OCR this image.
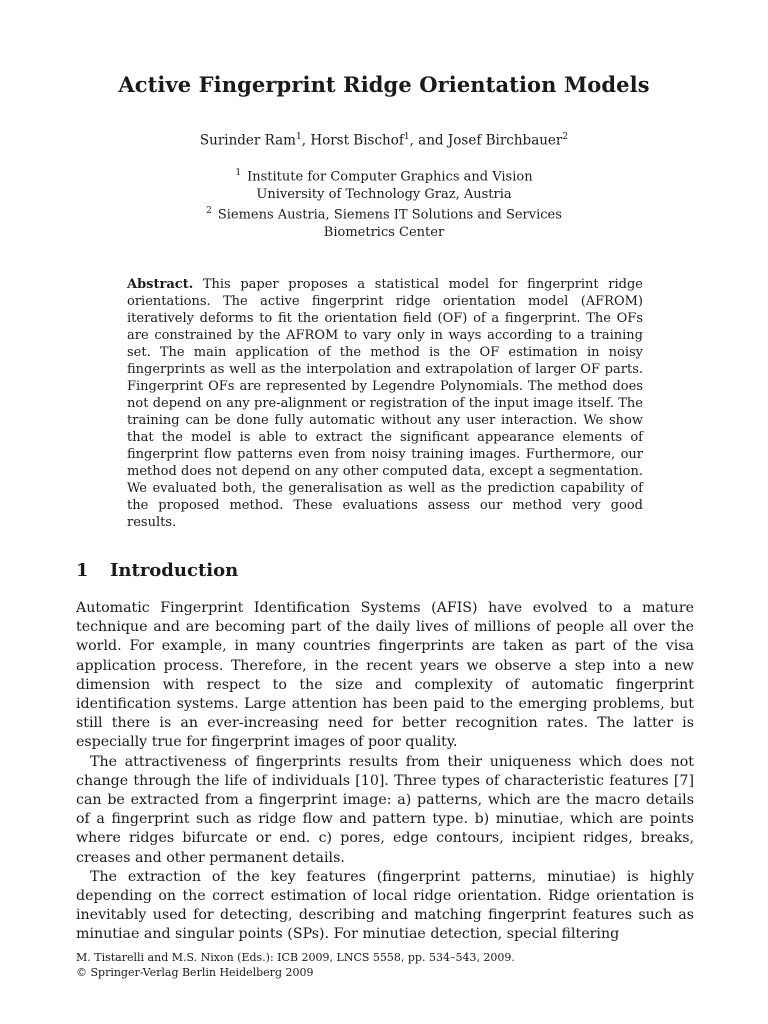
Active Fingerprint Ridge Orientation Models

Surinder Ram$^1$, Horst Bischof$^1$, and Josef Birchbauer$^2$

$^1$ Institute for Computer Graphics and Vision
University of Technology Graz, Austria
$^2$ Siemens Austria, Siemens IT Solutions and Services
Biometrics Center

Abstract. This paper proposes a statistical model for fingerprint ridge orientations. The active fingerprint ridge orientation model (AFROM) iteratively deforms to fit the orientation field (OF) of a fingerprint. The OFs are constrained by the AFROM to vary only in ways according to a training set. The main application of the method is the OF estimation in noisy fingerprints as well as the interpolation and extrapolation of larger OF parts. Fingerprint OFs are represented by Legendre Polynomials. The method does not depend on any pre-alignment or registration of the input image itself. The training can be done fully automatic without any user interaction. We show that the model is able to extract the significant appearance elements of fingerprint flow patterns even from noisy training images. Furthermore, our method does not depend on any other computed data, except a segmentation. We evaluated both, the generalisation as well as the prediction capability of the proposed method. These evaluations assess our method very good results.

1 Introduction

Automatic Fingerprint Identification Systems (AFIS) have evolved to a mature technique and are becoming part of the daily lives of millions of people all over the world. For example, in many countries fingerprints are taken as part of the visa application process. Therefore, in the recent years we observe a step into a new dimension with respect to the size and complexity of automatic fingerprint identification systems. Large attention has been paid to the emerging problems, but still there is an ever-increasing need for better recognition rates. The latter is especially true for fingerprint images of poor quality.

The attractiveness of fingerprints results from their uniqueness which does not change through the life of individuals [10]. Three types of characteristic features [7] can be extracted from a fingerprint image: a) patterns, which are the macro details of a fingerprint such as ridge flow and pattern type. b) minutiae, which are points where ridges bifurcate or end. c) pores, edge contours, incipient ridges, breaks, creases and other permanent details.

The extraction of the key features (fingerprint patterns, minutiae) is highly depending on the correct estimation of local ridge orientation. Ridge orientation is inevitably used for detecting, describing and matching fingerprint features such as minutiae and singular points (SPs). For minutiae detection, special filtering

M. Tistarelli and M.S. Nixon (Eds.): ICB 2009, LNCS 5558, pp. 534–543, 2009.
© Springer-Verlag Berlin Heidelberg 2009
